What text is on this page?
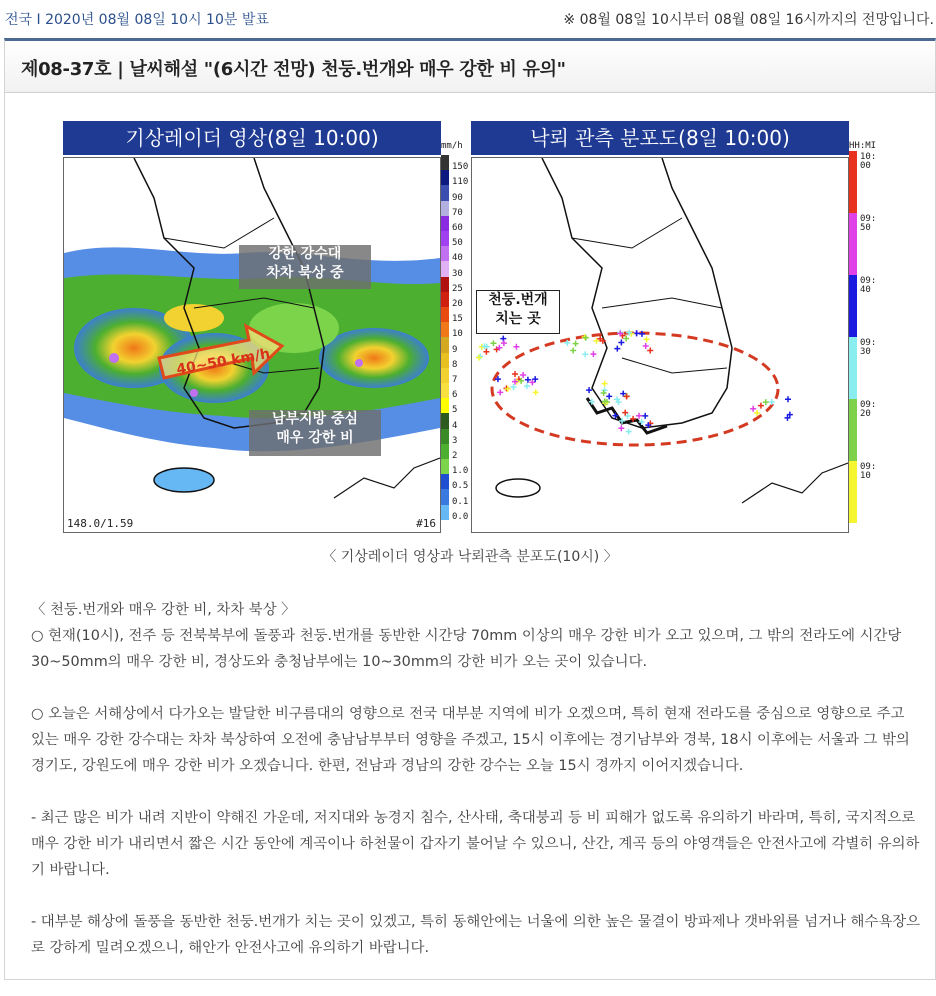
전국 I 2020년 08월 08일 10시 10분 발표	※ 08월 08일 10시부터 08월 08일 16시까지의 전망입니다.
제08-37호 | 날씨해설 "(6시간 전망) 천둥.번개와 매우 강한 비 유의"
기상레이더 영상(8일 10:00)
강한 강수대
차차 북상 중
남부지방 중심
매우 강한 비
40~50 km/h
148.0/1.59	#16
mm/h
150
110
90
70
60
50
40
30
25
20
15
10
9
8
7
6
5
4
3
2
1.0
0.5
0.1
0.0
낙뢰 관측 분포도(8일 10:00)
천둥.번개
치는 곳
HH:MI
10:
00
09:
50
09:
40
09:
30
09:
20
09:
10
〈 기상레이더 영상과 낙뢰관측 분포도(10시) 〉

〈 천둥.번개와 매우 강한 비, 차차 북상 〉

○ 현재(10시), 전주 등 전북북부에 돌풍과 천둥.번개를 동반한 시간당 70mm 이상의 매우 강한 비가 오고 있으며, 그 밖의 전라도에 시간당 30~50mm의 매우 강한 비, 경상도와 충청남부에는 10~30mm의 강한 비가 오는 곳이 있습니다.

○ 오늘은 서해상에서 다가오는 발달한 비구름대의 영향으로 전국 대부분 지역에 비가 오겠으며, 특히 현재 전라도를 중심으로 영향으로 주고 있는 매우 강한 강수대는 차차 북상하여 오전에 충남남부부터 영향을 주겠고, 15시 이후에는 경기남부와 경북, 18시 이후에는 서울과 그 밖의 경기도, 강원도에 매우 강한 비가 오겠습니다. 한편, 전남과 경남의 강한 강수는 오늘 15시 경까지 이어지겠습니다.

- 최근 많은 비가 내려 지반이 약해진 가운데, 저지대와 농경지 침수, 산사태, 축대붕괴 등 비 피해가 없도록 유의하기 바라며, 특히, 국지적으로 매우 강한 비가 내리면서 짧은 시간 동안에 계곡이나 하천물이 갑자기 불어날 수 있으니, 산간, 계곡 등의 야영객들은 안전사고에 각별히 유의하기 바랍니다.

- 대부분 해상에 돌풍을 동반한 천둥.번개가 치는 곳이 있겠고, 특히 동해안에는 너울에 의한 높은 물결이 방파제나 갯바위를 넘거나 해수욕장으로 강하게 밀려오겠으니, 해안가 안전사고에 유의하기 바랍니다.
